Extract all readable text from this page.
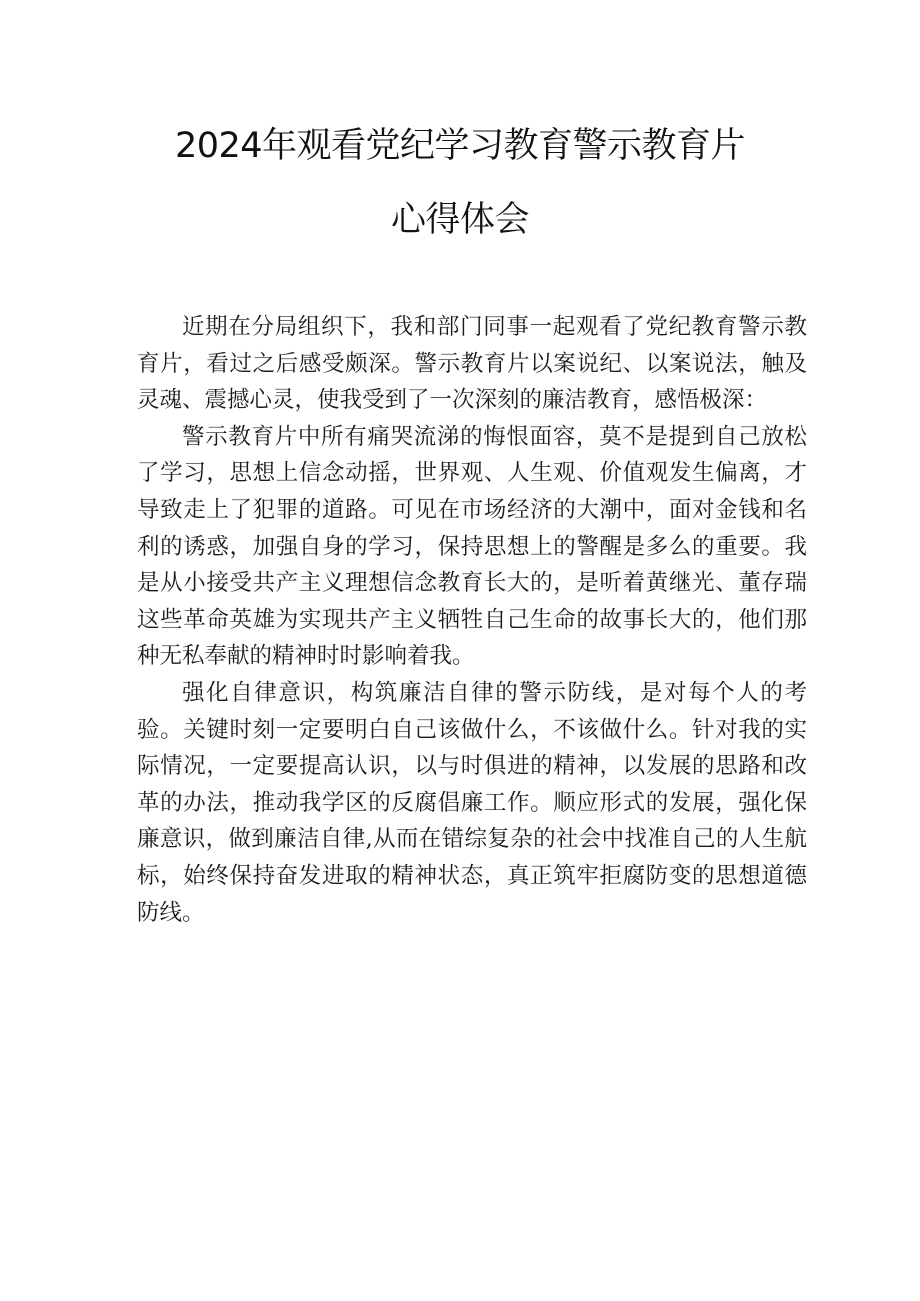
2024年观看党纪学习教育警示教育片
心得体会

近期在分局组织下，我和部门同事一起观看了党纪教育警示教育片，看过之后感受颇深。警示教育片以案说纪、以案说法，触及灵魂、震撼心灵，使我受到了一次深刻的廉洁教育，感悟极深：

警示教育片中所有痛哭流涕的悔恨面容，莫不是提到自己放松了学习，思想上信念动摇，世界观、人生观、价值观发生偏离，才导致走上了犯罪的道路。可见在市场经济的大潮中，面对金钱和名利的诱惑，加强自身的学习，保持思想上的警醒是多么的重要。我是从小接受共产主义理想信念教育长大的，是听着黄继光、董存瑞这些革命英雄为实现共产主义牺牲自己生命的故事长大的，他们那种无私奉献的精神时时影响着我。

强化自律意识，构筑廉洁自律的警示防线，是对每个人的考验。关键时刻一定要明白自己该做什么，不该做什么。针对我的实际情况，一定要提高认识，以与时俱进的精神，以发展的思路和改革的办法，推动我学区的反腐倡廉工作。顺应形式的发展，强化保廉意识，做到廉洁自律,从而在错综复杂的社会中找准自己的人生航标，始终保持奋发进取的精神状态，真正筑牢拒腐防变的思想道德防线。
